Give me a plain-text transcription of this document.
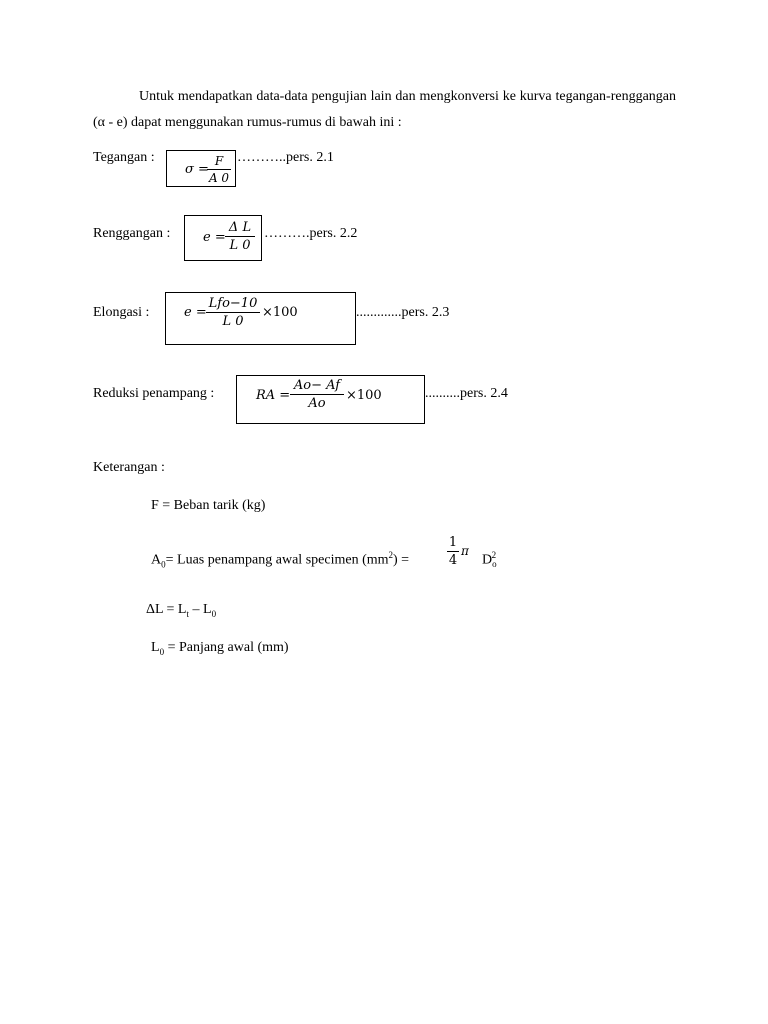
Untuk mendapatkan data-data pengujian lain dan mengkonversi ke kurva tegangan-renggangan (α - e) dapat menggunakan rumus-rumus di bawah ini :
Tegangan :
σ =
F
A 0
………..pers. 2.1
Renggangan :	e =
Δ L
L 0
……….pers. 2.2
Elongasi :	e =
Lfo−10
L 0
×100	.............pers. 2.3
Reduksi penampang :	RA =
Ao− Af
Ao
×100	..........pers. 2.4
Keterangan :
F = Beban tarik (kg)
$A_0=$ Luas penampang awal specimen $(mm^2)$ =
1
4
π
$D_o^2$
$\Delta L = L_t - L_0$
$L_0$ = Panjang awal (mm)
